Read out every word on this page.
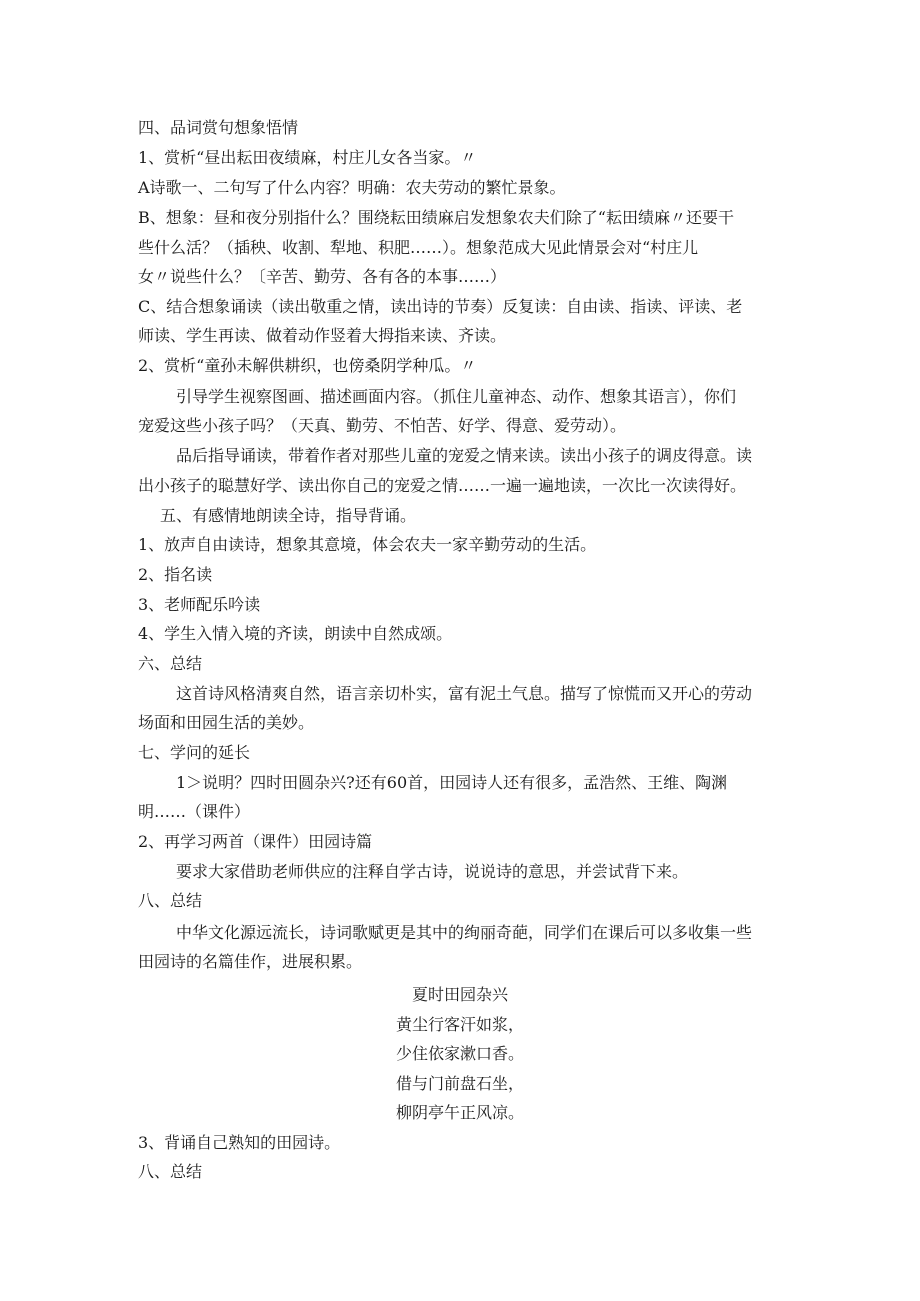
四、品词赏句想象悟情
1、赏析“昼出耘田夜绩麻，村庄儿女各当家。〃
A诗歌一、二句写了什么内容？明确：农夫劳动的繁忙景象。
B、想象：昼和夜分别指什么？围绕耘田绩麻启发想象农夫们除了“耘田绩麻〃还要干
些什么活？（插秧、收割、犁地、积肥……）。想象范成大见此情景会对“村庄儿
女〃说些什么？〔辛苦、勤劳、各有各的本事……）
C、结合想象诵读（读出敬重之情，读出诗的节奏）反复读：自由读、指读、评读、老
师读、学生再读、做着动作竖着大拇指来读、齐读。
2、赏析“童孙未解供耕织，也傍桑阴学种瓜。〃
引导学生视察图画、描述画面内容。（抓住儿童神态、动作、想象其语言），你们
宠爱这些小孩子吗？（天真、勤劳、不怕苦、好学、得意、爱劳动）。
品后指导诵读，带着作者对那些儿童的宠爱之情来读。读出小孩子的调皮得意。读
出小孩子的聪慧好学、读出你自己的宠爱之情……一遍一遍地读，一次比一次读得好。
五、有感情地朗读全诗，指导背诵。
1、放声自由读诗，想象其意境，体会农夫一家辛勤劳动的生活。
2、指名读
3、老师配乐吟读
4、学生入情入境的齐读，朗读中自然成颂。
六、总结
这首诗风格清爽自然，语言亲切朴实，富有泥土气息。描写了惊慌而又开心的劳动
场面和田园生活的美妙。
七、学问的延长
1＞说明？四时田圆杂兴?还有60首，田园诗人还有很多，孟浩然、王维、陶渊
明……（课件）
2、再学习两首（课件）田园诗篇
要求大家借助老师供应的注释自学古诗，说说诗的意思，并尝试背下来。
八、总结
中华文化源远流长，诗词歌赋更是其中的绚丽奇葩，同学们在课后可以多收集一些
田园诗的名篇佳作，进展积累。
夏时田园杂兴
黄尘行客汗如浆，
少住依家漱口香。
借与门前盘石坐，
柳阴亭午正风凉。
3、背诵自己熟知的田园诗。
八、总结
